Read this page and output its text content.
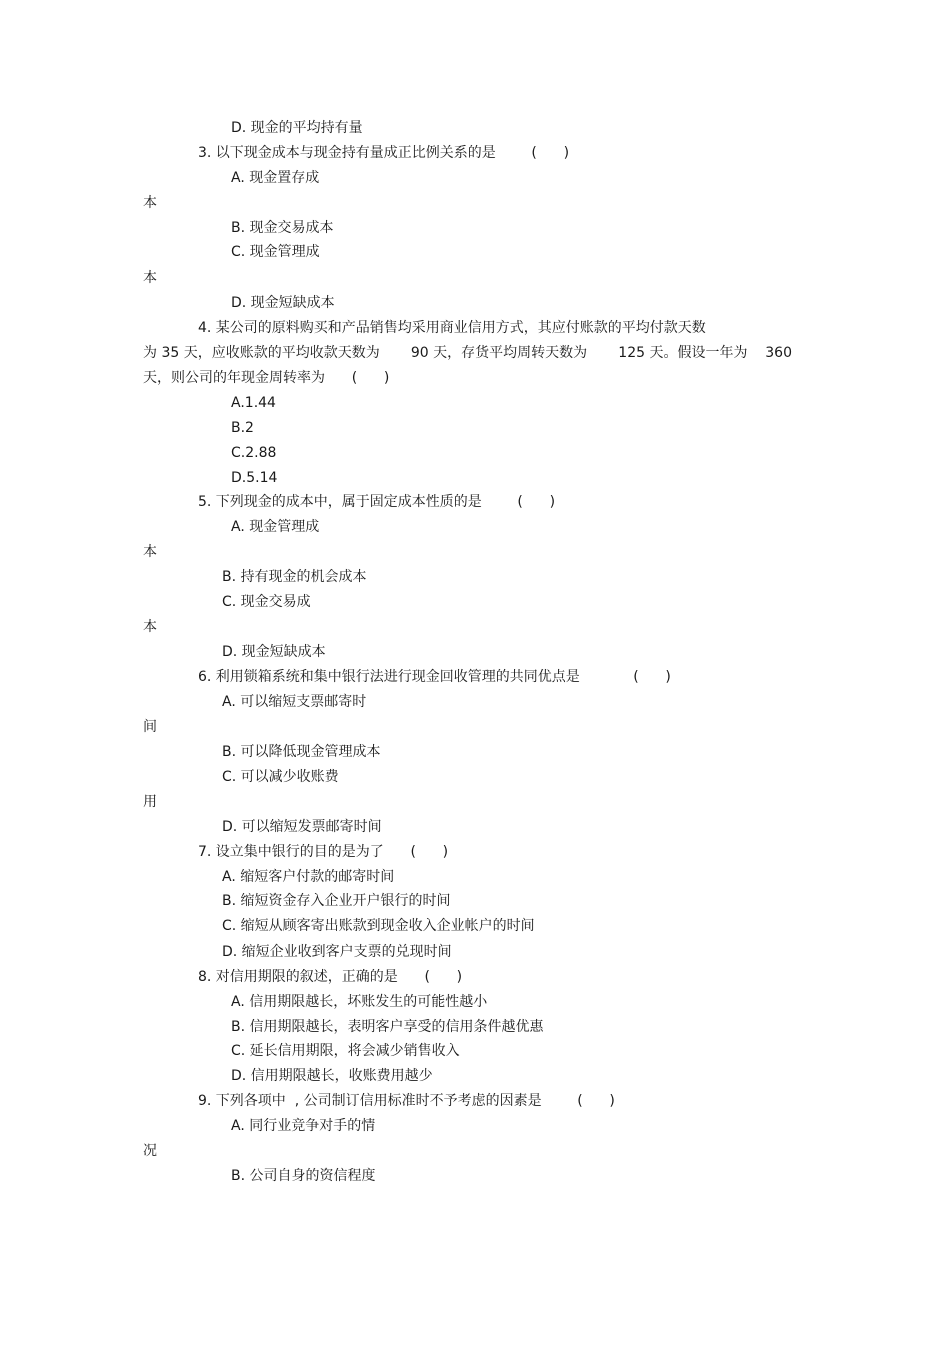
D. 现金的平均持有量

3. 以下现金成本与现金持有量成正比例关系的是        (      )

A. 现金置存成

本

B. 现金交易成本

C. 现金管理成

本

D. 现金短缺成本

4. 某公司的原料购买和产品销售均采用商业信用方式，其应付账款的平均付款天数

为 35 天，应收账款的平均收款天数为       90 天，存货平均周转天数为       125 天。假设一年为    360

天，则公司的年现金周转率为      (      )

A.1.44

B.2

C.2.88

D.5.14

5. 下列现金的成本中，属于固定成本性质的是        (      )

A. 现金管理成

本

B. 持有现金的机会成本

C. 现金交易成

本

D. 现金短缺成本

6. 利用锁箱系统和集中银行法进行现金回收管理的共同优点是            (      )

A. 可以缩短支票邮寄时

间

B. 可以降低现金管理成本

C. 可以减少收账费

用

D. 可以缩短发票邮寄时间

7. 设立集中银行的目的是为了      (      )

A. 缩短客户付款的邮寄时间

B. 缩短资金存入企业开户银行的时间

C. 缩短从顾客寄出账款到现金收入企业帐户的时间

D. 缩短企业收到客户支票的兑现时间

8. 对信用期限的叙述，正确的是      (      )

A. 信用期限越长，坏账发生的可能性越小

B. 信用期限越长，表明客户享受的信用条件越优惠

C. 延长信用期限，将会减少销售收入

D. 信用期限越长，收账费用越少

9. 下列各项中  , 公司制订信用标准时不予考虑的因素是        (      )

A. 同行业竞争对手的情

况

B. 公司自身的资信程度
